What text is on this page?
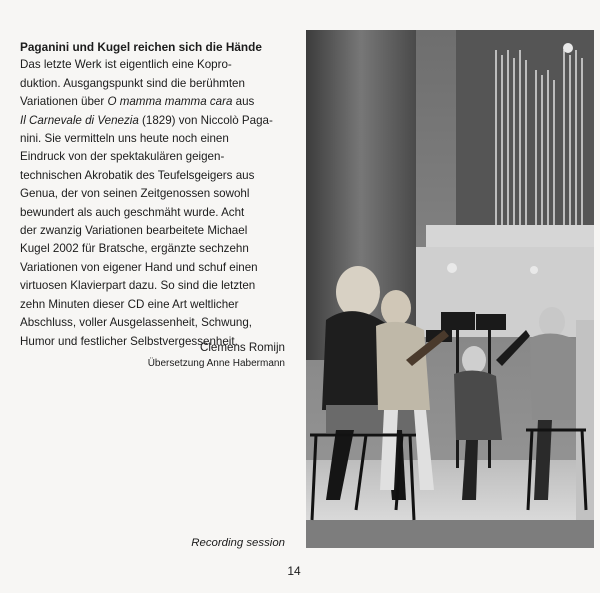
Paganini und Kugel reichen sich die Hände

Das letzte Werk ist eigentlich eine Kopro-
duktion. Ausgangspunkt sind die berühmten
Variationen über O mamma mamma cara aus
Il Carnevale di Venezia (1829) von Niccolò Paga-
nini. Sie vermitteln uns heute noch einen
Eindruck von der spektakulären geigen-
technischen Akrobatik des Teufelsgeigers aus
Genua, der von seinen Zeitgenossen sowohl
bewundert als auch geschmäht wurde. Acht
der zwanzig Variationen bearbeitete Michael
Kugel 2002 für Bratsche, ergänzte sechzehn
Variationen von eigener Hand und schuf einen
virtuosen Klavierpart dazu. So sind die letzten
zehn Minuten dieser CD eine Art weltlicher
Abschluss, voller Ausgelassenheit, Schwung,
Humor und festlicher Selbstvergessenheit.

Clemens Romijn
Übersetzung Anne Habermann
Recording session
14
